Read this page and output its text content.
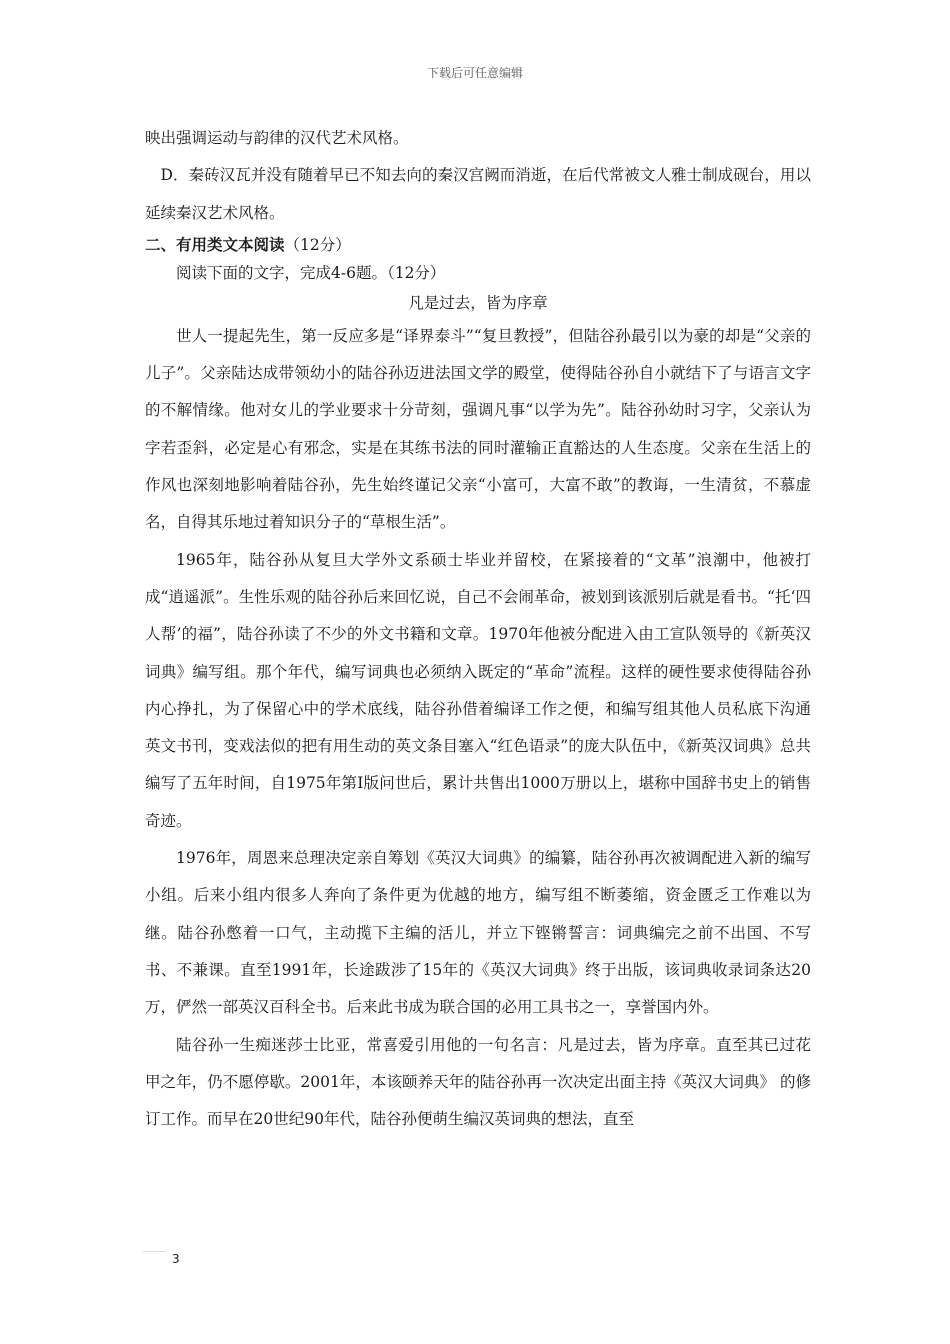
下载后可任意编辑

映出强调运动与韵律的汉代艺术风格。

D．秦砖汉瓦并没有随着早已不知去向的秦汉宫阙而消逝，在后代常被文人雅士制成砚台，用以延续秦汉艺术风格。

二、有用类文本阅读（12分）

阅读下面的文字，完成4-6题。（12分）

凡是过去，皆为序章

世人一提起先生，第一反应多是“译界泰斗”“复旦教授”，但陆谷孙最引以为豪的却是“父亲的儿子”。父亲陆达成带领幼小的陆谷孙迈进法国文学的殿堂，使得陆谷孙自小就结下了与语言文字的不解情缘。他对女儿的学业要求十分苛刻，强调凡事“以学为先”。陆谷孙幼时习字，父亲认为字若歪斜，必定是心有邪念，实是在其练书法的同时灌输正直豁达的人生态度。父亲在生活上的作风也深刻地影响着陆谷孙，先生始终谨记父亲“小富可，大富不敢”的教诲，一生清贫，不慕虚名，自得其乐地过着知识分子的“草根生活”。

1965年，陆谷孙从复旦大学外文系硕士毕业并留校，在紧接着的“文革”浪潮中，他被打成“逍遥派”。生性乐观的陆谷孙后来回忆说，自己不会闹革命，被划到该派别后就是看书。“托‘四人帮’的福”，陆谷孙读了不少的外文书籍和文章。1970年他被分配进入由工宣队领导的《新英汉词典》编写组。那个年代，编写词典也必须纳入既定的“革命”流程。这样的硬性要求使得陆谷孙内心挣扎，为了保留心中的学术底线，陆谷孙借着编译工作之便，和编写组其他人员私底下沟通英文书刊，变戏法似的把有用生动的英文条目塞入“红色语录”的庞大队伍中，《新英汉词典》总共编写了五年时间，自1975年第Ⅰ版问世后，累计共售出1000万册以上，堪称中国辞书史上的销售奇迹。

1976年，周恩来总理决定亲自筹划《英汉大词典》的编纂，陆谷孙再次被调配进入新的编写小组。后来小组内很多人奔向了条件更为优越的地方，编写组不断萎缩，资金匮乏工作难以为继。陆谷孙憋着一口气，主动揽下主编的活儿，并立下铿锵誓言：词典编完之前不出国、不写书、不兼课。直至1991年，长途跋涉了15年的《英汉大词典》终于出版，该词典收录词条达20万，俨然一部英汉百科全书。后来此书成为联合国的必用工具书之一，享誉国内外。

陆谷孙一生痴迷莎士比亚，常喜爱引用他的一句名言：凡是过去，皆为序章。直至其已过花甲之年，仍不愿停歇。2001年，本该颐养天年的陆谷孙再一次决定出面主持《英汉大词典》 的修订工作。而早在20世纪90年代，陆谷孙便萌生编汉英词典的想法，直至

3
